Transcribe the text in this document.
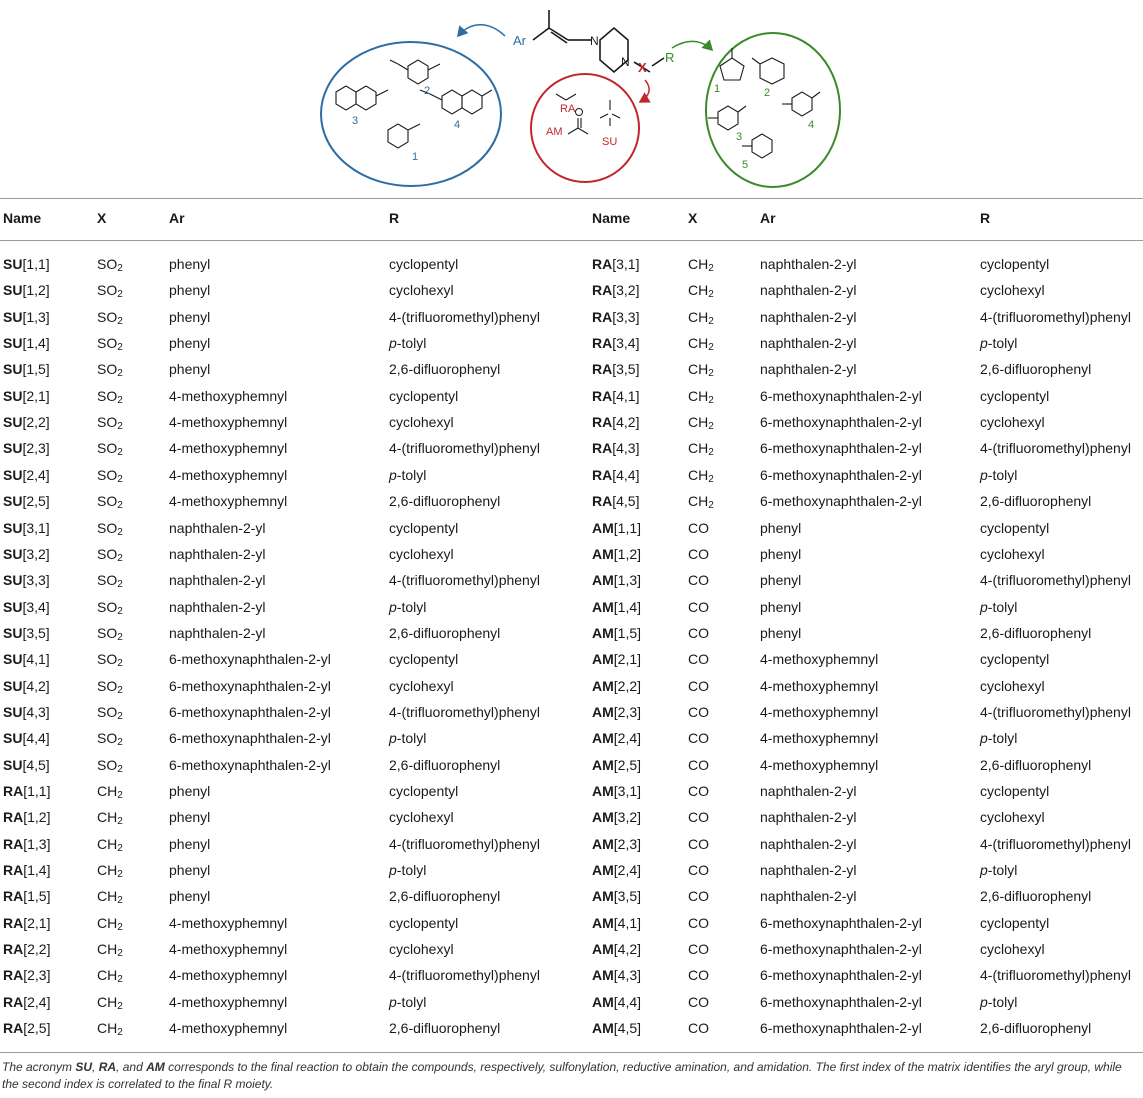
Ar	N
N X
R
2
3	4
1
RA
AM
SU
1	2
3
4
5
Name	X	Ar	R	Name	X	Ar	R
SU[1,1]	$SO_2$	phenyl	cyclopentyl	RA[3,1]	$CH_2$	naphthalen-2-yl	cyclopentyl
SU[1,2]	$SO_2$	phenyl	cyclohexyl	RA[3,2]	$CH_2$	naphthalen-2-yl	cyclohexyl
SU[1,3]	$SO_2$	phenyl	4-(trifluoromethyl)phenyl	RA[3,3]	$CH_2$	naphthalen-2-yl	4-(trifluoromethyl)phenyl
SU[1,4]	$SO_2$	phenyl	p-tolyl	RA[3,4]	$CH_2$	naphthalen-2-yl	p-tolyl
SU[1,5]	$SO_2$	phenyl	2,6-difluorophenyl	RA[3,5]	$CH_2$	naphthalen-2-yl	2,6-difluorophenyl
SU[2,1]	$SO_2$	4-methoxyphemnyl	cyclopentyl	RA[4,1]	$CH_2$	6-methoxynaphthalen-2-yl	cyclopentyl
SU[2,2]	$SO_2$	4-methoxyphemnyl	cyclohexyl	RA[4,2]	$CH_2$	6-methoxynaphthalen-2-yl	cyclohexyl
SU[2,3]	$SO_2$	4-methoxyphemnyl	4-(trifluoromethyl)phenyl	RA[4,3]	$CH_2$	6-methoxynaphthalen-2-yl	4-(trifluoromethyl)phenyl
SU[2,4]	$SO_2$	4-methoxyphemnyl	p-tolyl	RA[4,4]	$CH_2$	6-methoxynaphthalen-2-yl	p-tolyl
SU[2,5]	$SO_2$	4-methoxyphemnyl	2,6-difluorophenyl	RA[4,5]	$CH_2$	6-methoxynaphthalen-2-yl	2,6-difluorophenyl
SU[3,1]	$SO_2$	naphthalen-2-yl	cyclopentyl	AM[1,1]	CO	phenyl	cyclopentyl
SU[3,2]	$SO_2$	naphthalen-2-yl	cyclohexyl	AM[1,2]	CO	phenyl	cyclohexyl
SU[3,3]	$SO_2$	naphthalen-2-yl	4-(trifluoromethyl)phenyl	AM[1,3]	CO	phenyl	4-(trifluoromethyl)phenyl
SU[3,4]	$SO_2$	naphthalen-2-yl	p-tolyl	AM[1,4]	CO	phenyl	p-tolyl
SU[3,5]	$SO_2$	naphthalen-2-yl	2,6-difluorophenyl	AM[1,5]	CO	phenyl	2,6-difluorophenyl
SU[4,1]	$SO_2$	6-methoxynaphthalen-2-yl	cyclopentyl	AM[2,1]	CO	4-methoxyphemnyl	cyclopentyl
SU[4,2]	$SO_2$	6-methoxynaphthalen-2-yl	cyclohexyl	AM[2,2]	CO	4-methoxyphemnyl	cyclohexyl
SU[4,3]	$SO_2$	6-methoxynaphthalen-2-yl	4-(trifluoromethyl)phenyl	AM[2,3]	CO	4-methoxyphemnyl	4-(trifluoromethyl)phenyl
SU[4,4]	$SO_2$	6-methoxynaphthalen-2-yl	p-tolyl	AM[2,4]	CO	4-methoxyphemnyl	p-tolyl
SU[4,5]	$SO_2$	6-methoxynaphthalen-2-yl	2,6-difluorophenyl	AM[2,5]	CO	4-methoxyphemnyl	2,6-difluorophenyl
RA[1,1]	$CH_2$	phenyl	cyclopentyl	AM[3,1]	CO	naphthalen-2-yl	cyclopentyl
RA[1,2]	$CH_2$	phenyl	cyclohexyl	AM[3,2]	CO	naphthalen-2-yl	cyclohexyl
RA[1,3]	$CH_2$	phenyl	4-(trifluoromethyl)phenyl	AM[2,3]	CO	naphthalen-2-yl	4-(trifluoromethyl)phenyl
RA[1,4]	$CH_2$	phenyl	p-tolyl	AM[2,4]	CO	naphthalen-2-yl	p-tolyl
RA[1,5]	$CH_2$	phenyl	2,6-difluorophenyl	AM[3,5]	CO	naphthalen-2-yl	2,6-difluorophenyl
RA[2,1]	$CH_2$	4-methoxyphemnyl	cyclopentyl	AM[4,1]	CO	6-methoxynaphthalen-2-yl	cyclopentyl
RA[2,2]	$CH_2$	4-methoxyphemnyl	cyclohexyl	AM[4,2]	CO	6-methoxynaphthalen-2-yl	cyclohexyl
RA[2,3]	$CH_2$	4-methoxyphemnyl	4-(trifluoromethyl)phenyl	AM[4,3]	CO	6-methoxynaphthalen-2-yl	4-(trifluoromethyl)phenyl
RA[2,4]	$CH_2$	4-methoxyphemnyl	p-tolyl	AM[4,4]	CO	6-methoxynaphthalen-2-yl	p-tolyl
RA[2,5]	$CH_2$	4-methoxyphemnyl	2,6-difluorophenyl	AM[4,5]	CO	6-methoxynaphthalen-2-yl	2,6-difluorophenyl
The acronym SU, RA, and AM corresponds to the final reaction to obtain the compounds, respectively, sulfonylation, reductive amination, and amidation. The first index of the matrix identifies the aryl group, while the second index is correlated to the final R moiety.
